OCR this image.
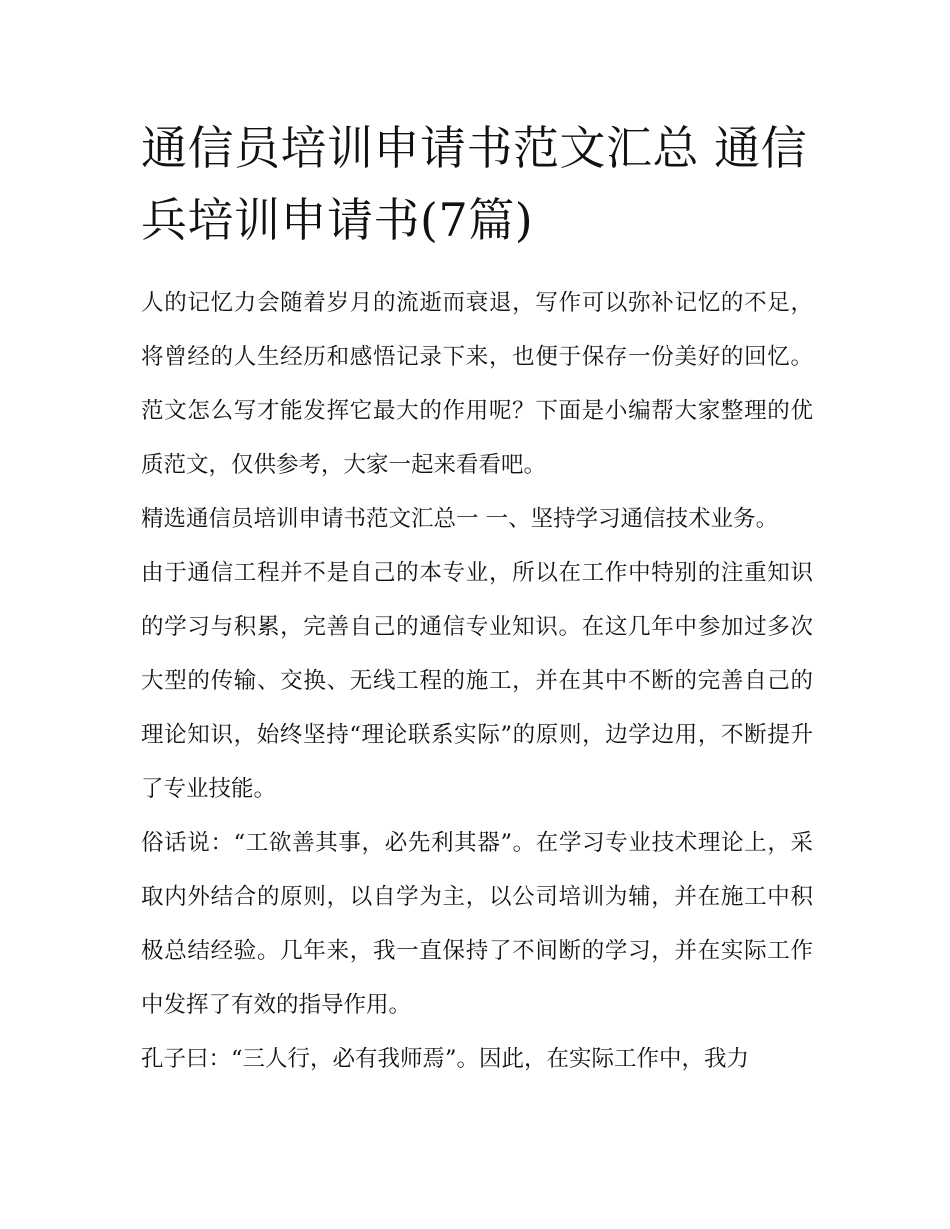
通信员培训申请书范文汇总 通信兵培训申请书(7篇)

人的记忆力会随着岁月的流逝而衰退，写作可以弥补记忆的不足，将曾经的人生经历和感悟记录下来，也便于保存一份美好的回忆。范文怎么写才能发挥它最大的作用呢？下面是小编帮大家整理的优质范文，仅供参考，大家一起来看看吧。

精选通信员培训申请书范文汇总一 一、坚持学习通信技术业务。

由于通信工程并不是自己的本专业，所以在工作中特别的注重知识的学习与积累，完善自己的通信专业知识。在这几年中参加过多次大型的传输、交换、无线工程的施工，并在其中不断的完善自己的理论知识，始终坚持“理论联系实际”的原则，边学边用，不断提升了专业技能。

俗话说：“工欲善其事，必先利其器”。在学习专业技术理论上，采取内外结合的原则，以自学为主，以公司培训为辅，并在施工中积极总结经验。几年来，我一直保持了不间断的学习，并在实际工作中发挥了有效的指导作用。

孔子曰：“三人行，必有我师焉”。因此，在实际工作中，我力
